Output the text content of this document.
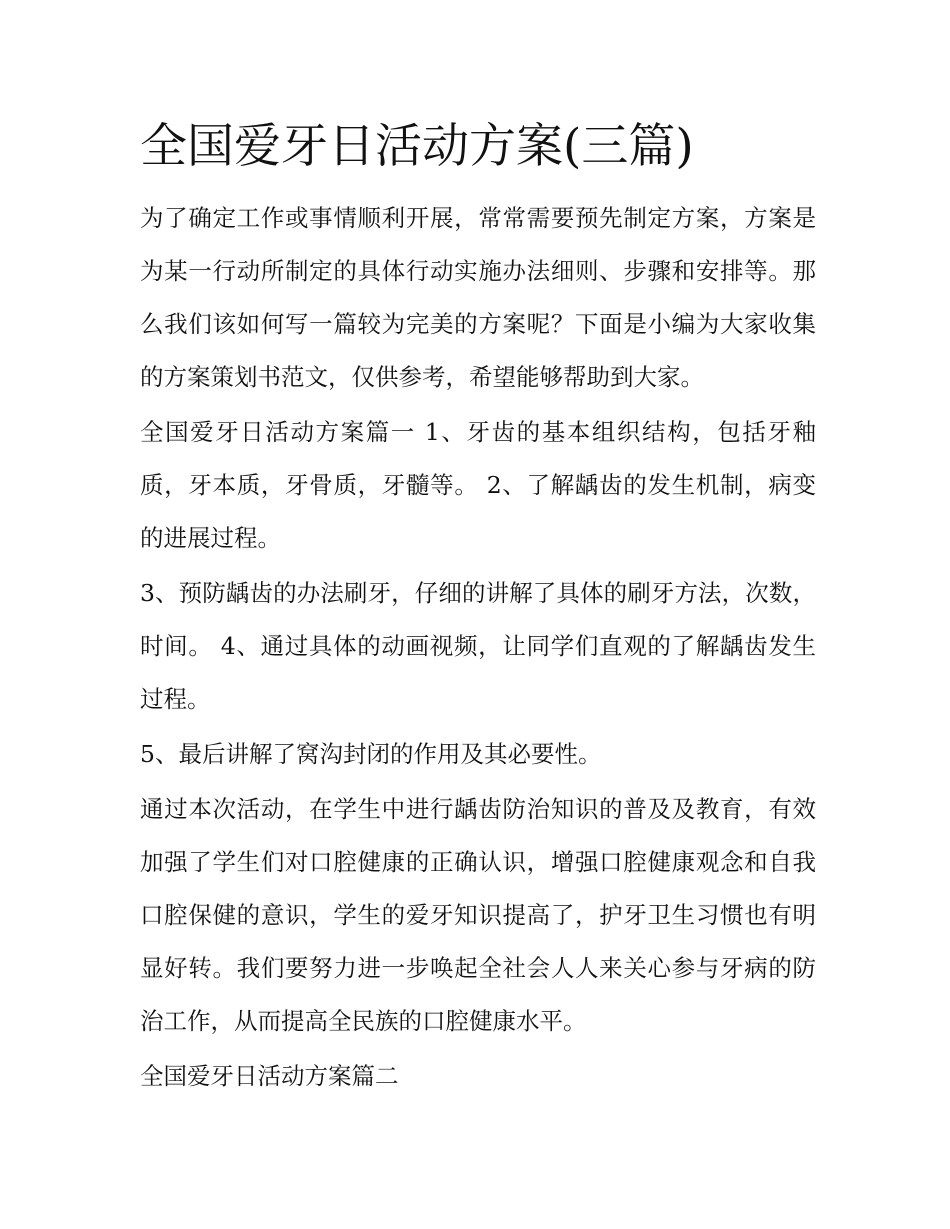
全国爱牙日活动方案(三篇)

为了确定工作或事情顺利开展，常常需要预先制定方案，方案是为某一行动所制定的具体行动实施办法细则、步骤和安排等。那么我们该如何写一篇较为完美的方案呢？下面是小编为大家收集的方案策划书范文，仅供参考，希望能够帮助到大家。

全国爱牙日活动方案篇一 1、牙齿的基本组织结构，包括牙釉质，牙本质，牙骨质，牙髓等。 2、了解龋齿的发生机制，病变的进展过程。

3、预防龋齿的办法刷牙，仔细的讲解了具体的刷牙方法，次数，时间。 4、通过具体的动画视频，让同学们直观的了解龋齿发生过程。

5、最后讲解了窝沟封闭的作用及其必要性。

通过本次活动，在学生中进行龋齿防治知识的普及及教育，有效加强了学生们对口腔健康的正确认识，增强口腔健康观念和自我口腔保健的意识，学生的爱牙知识提高了，护牙卫生习惯也有明显好转。我们要努力进一步唤起全社会人人来关心参与牙病的防治工作，从而提高全民族的口腔健康水平。

全国爱牙日活动方案篇二
